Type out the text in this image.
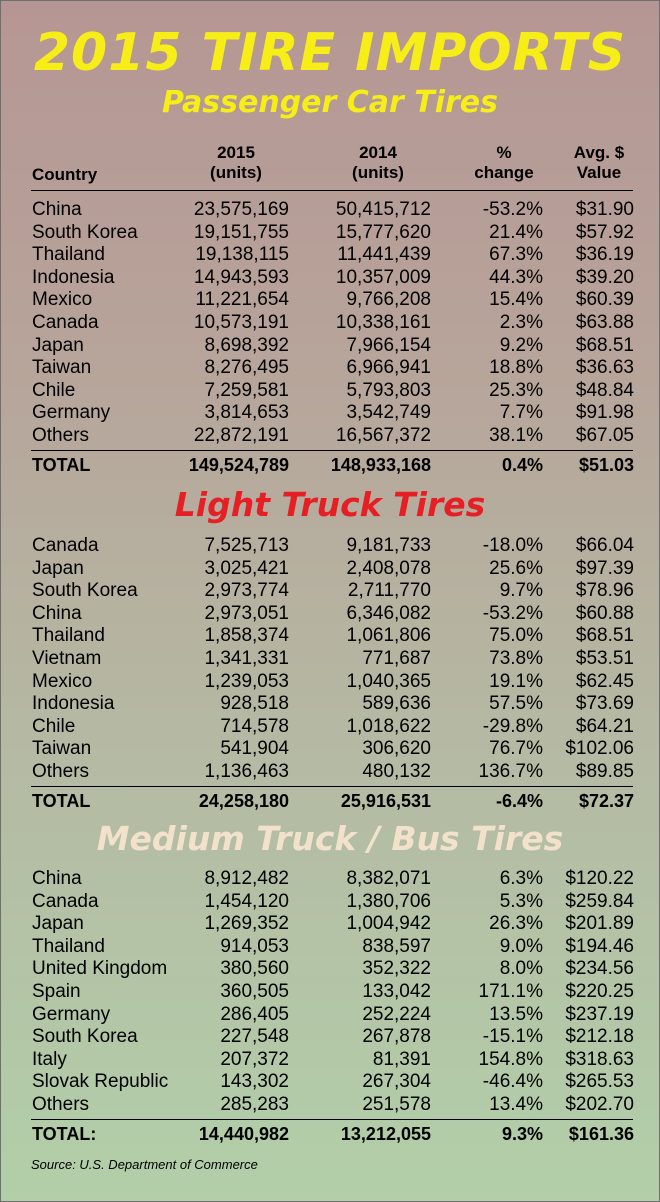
2015 TIRE IMPORTS
Passenger Car Tires
Country
2015
(units)
2014
(units)
%
change
Avg. $
Value
China	23,575,169 50,415,712	-53.2% $31.90
South Korea	19,151,755 15,777,620	21.4% $57.92
Thailand	19,138,115	11,441,439	67.3% $36.19
Indonesia	14,943,593 10,357,009	44.3% $39.20
Mexico	11,221,654	9,766,208	15.4% $60.39
Canada	10,573,191 10,338,161	2.3% $63.88
Japan	8,698,392	7,966,154	9.2% $68.51
Taiwan	8,276,495	6,966,941	18.8% $36.63
Chile	7,259,581	5,793,803	25.3% $48.84
Germany	3,814,653	3,542,749	7.7% $91.98
Others	22,872,191 16,567,372	38.1% $67.05
TOTAL	149,524,789 148,933,168	0.4% $51.03
Light Truck Tires
Canada	7,525,713	9,181,733	-18.0% $66.04
Japan	3,025,421	2,408,078	25.6% $97.39
South Korea	2,973,774	2,711,770	9.7% $78.96
China	2,973,051	6,346,082	-53.2% $60.88
Thailand	1,858,374	1,061,806	75.0% $68.51
Vietnam	1,341,331	771,687	73.8% $53.51
Mexico	1,239,053	1,040,365	19.1% $62.45
Indonesia	928,518	589,636	57.5% $73.69
Chile	714,578	1,018,622	-29.8% $64.21
Taiwan	541,904	306,620	76.7% $102.06
Others	1,136,463	480,132	136.7% $89.85
TOTAL	24,258,180	25,916,531	-6.4% $72.37
Medium Truck / Bus Tires
China	8,912,482	8,382,071	6.3% $120.22
Canada	1,454,120	1,380,706	5.3% $259.84
Japan	1,269,352	1,004,942	26.3% $201.89
Thailand	914,053	838,597	9.0% $194.46
United Kingdom	380,560	352,322	8.0% $234.56
Spain	360,505	133,042	171.1% $220.25
Germany	286,405	252,224	13.5% $237.19
South Korea	227,548	267,878	-15.1% $212.18
Italy	207,372	81,391	154.8% $318.63
Slovak Republic	143,302	267,304	-46.4% $265.53
Others	285,283	251,578	13.4% $202.70
TOTAL:	14,440,982	13,212,055	9.3% $161.36
Source: U.S. Department of Commerce
